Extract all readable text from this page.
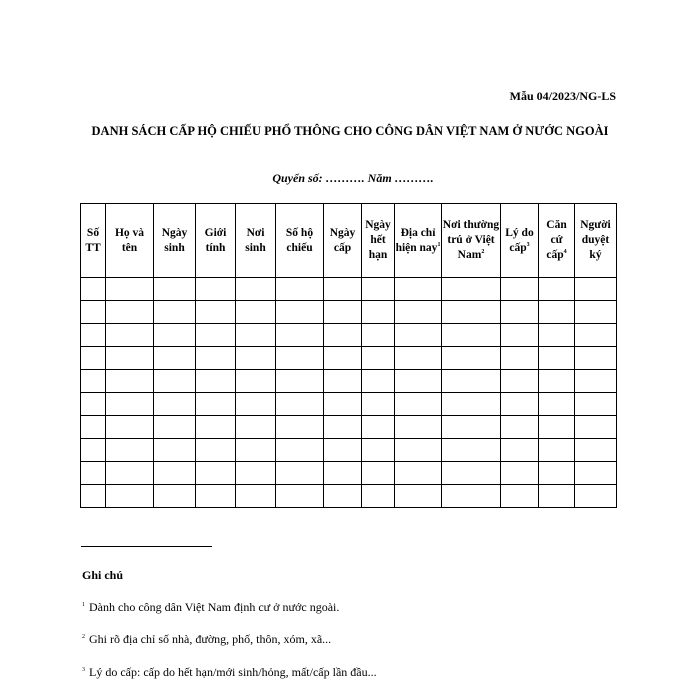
Mẫu 04/2023/NG-LS
DANH SÁCH CẤP HỘ CHIẾU PHỔ THÔNG CHO CÔNG DÂN VIỆT NAM Ở NƯỚC NGOÀI
Quyển số: ………. Năm ……….
Số TT	Họ và tên	Ngày sinh	Giới tính	Nơi sinh	Số hộ chiếu	Ngày cấp	Ngày hết hạn	Địa chỉ hiện nay$^1$	Nơi thường trú ở Việt Nam$^2$	Lý do cấp$^3$	Căn cứ cấp$^4$	Người duyệt ký

Ghi chú
$^1$ Dành cho công dân Việt Nam định cư ở nước ngoài.
$^2$ Ghi rõ địa chỉ số nhà, đường, phố, thôn, xóm, xã...
$^3$ Lý do cấp: cấp do hết hạn/mới sinh/hỏng, mất/cấp lần đầu...
